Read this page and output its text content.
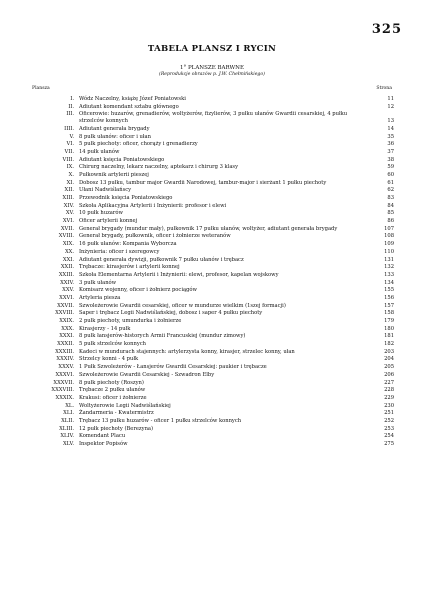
325
TABELA PLANSZ I RYCIN
1° PLANSZE BARWNE
(Reprodukcje obrazów p. J.W. Chełmińskiego)
Plansza	Strona
I. Wódz Naczelny, książę Józef Poniatowski	11
II. Adiutant komendant sztabu głównego	12
III. Oficerowie: huzarów, grenadierów, woltyżerów, fizylierów, 3 pułku ułanów Gwardii cesarskiej, 4 pułku strzelców konnych	13
IIII. Adiutant generała brygady	14
V. 8 pułk ułanów: oficer i ułan	35
VI. 5 pułk piechoty: oficer, chorąży i grenadierzy	36
VII. 14 pułk ułanów	37
VIII. Adiutant księcia Poniatowskiego	38
IX. Chirurg naczelny, lekarz naczelny, aptekarz i chirurg 3 klasy	59
X. Pułkownik artylerii pieszej	60
XI. Dobosz 13 pułku, tambur major Gwardii Narodowej, tambur-major i sierżant 1 pułku piechoty	61
XII. Ułani Nadwiślańscy	62
XIII. Przewodnik księcia Poniatowskiego	83
XIV. Szkoła Aplikacyjna Artylerii i Inżynierii: profesor i elewi	84
XV. 10 pułk huzarów	85
XVI. Oficer artylerii konnej	86
XVII. Generał brygady (mundur mały), pułkownik 17 pułku ułanów, woltyżer, adiutant generała brygady	107
XVIII. Generał brygady, pułkownik, oficer i żołnierze weteranów	108
XIX. 16 pułk ułanów: Kompania Wyborcza	109
XX. Inżynieria: oficer i szeregowcy	110
XXI. Adiutant generała dywizji, pułkownik 7 pułku ułanów i trębacz	131
XXII. Trębacze: kirasjerów i artylerii konnej	132
XXIII. Szkoła Elementarna Artylerii i Inżynierii: elewi, profesor, kapelan wojskowy	133
XXIV. 3 pułk ułanów	134
XXV. Komisarz wojenny, oficer i żołnierz pociągów	155
XXVI. Artyleria piesza	156
XXVII. Szwoleżerowie Gwardii cesarskiej, oficer w mundurze wielkim (1szej formacji)	157
XXVIII. Saper i trębacz Legii Nadwiślańskiej, dobosz i saper 4 pułku piechoty	158
XXIX. 2 pułk piechoty, umundurka i żołnierze	179
XXX. Kirasjerzy - 14 pułk	180
XXXI. 8 pułk łansjerów-historych Armii Francuskiej (mundur zimowy)	181
XXXII. 5 pułk strzelców konnych	182
XXXIII. Kadeci w mundurach stajennych: artylerzysta konny, kirasjer, strzelec konny, ułan	203
XXXIV. Strzelcy konni - 4 pułk	204
XXXV. 1 Pułk Szwoleżerów - Łansjerów Gwardii Cesarskiej: paukier i trębacze	205
XXXVI. Szwoleżerowie Gwardii Cesarskiej - Szwadron Elby	206
XXXVII. 8 pułk piechoty (Roszyn)	227
XXXVIII. Trębacze 2 pułku ułanów	228
XXXIX. Krakusi: oficer i żołnierze	229
XL. Woltyżerowie Legii Nadwiślańskiej	230
XLI. Żandarmeria - Kwatermistrz	251
XLII. Trębacz 13 pułku huzarów - oficer 1 pułku strzelców konnych	252
XLIII. 12 pułk piechoty (Berezyna)	253
XLIV. Komendant Placu	254
XLV. Inspektor Popisów	275
